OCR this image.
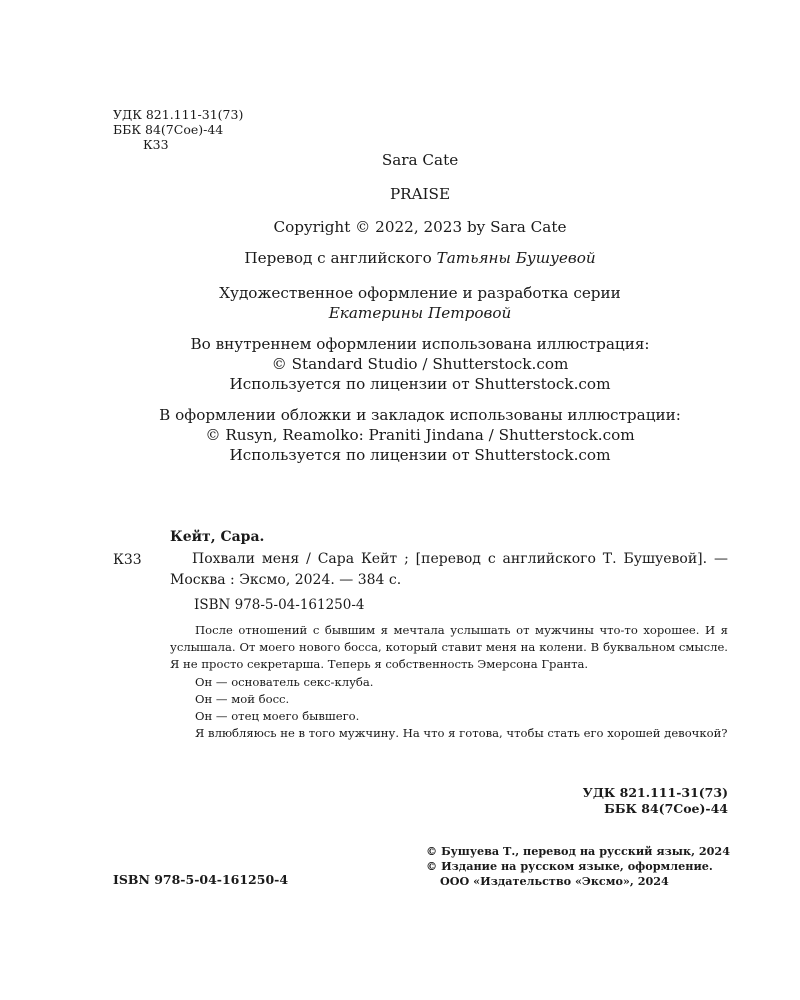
УДК 821.111-31(73)
ББК 84(7Сое)-44
К33
Sara Cate
PRAISE
Copyright © 2022, 2023 by Sara Cate
Перевод с английского Татьяны Бушуевой
Художественное оформление и разработка серии
Екатерины Петровой
Во внутреннем оформлении использована иллюстрация:
© Standard Studio / Shutterstock.com
Используется по лицензии от Shutterstock.com
В оформлении обложки и закладок использованы иллюстрации:
© Rusyn, Reamolko: Praniti Jindana / Shutterstock.com
Используется по лицензии от Shutterstock.com
Кейт, Сара.
К33	Похвали меня / Сара Кейт ; [перевод с английского Т. Бушуевой]. — Москва : Эксмо, 2024. — 384 с.
ISBN 978-5-04-161250-4

После отношений с бывшим я мечтала услышать от мужчины что-то хорошее. И я услышала. От моего нового босса, который ставит меня на колени. В буквальном смысле. Я не просто секретарша. Теперь я собственность Эмерсона Гранта.

Он — основатель секс-клуба.

Он — мой босс.

Он — отец моего бывшего.

Я влюбляюсь не в того мужчину. На что я готова, чтобы стать его хорошей девочкой?

УДК 821.111-31(73)
ББК 84(7Сое)-44
ISBN 978-5-04-161250-4
© Бушуева Т., перевод на русский язык, 2024
© Издание на русском языке, оформление.
ООО «Издательство «Эксмо», 2024
